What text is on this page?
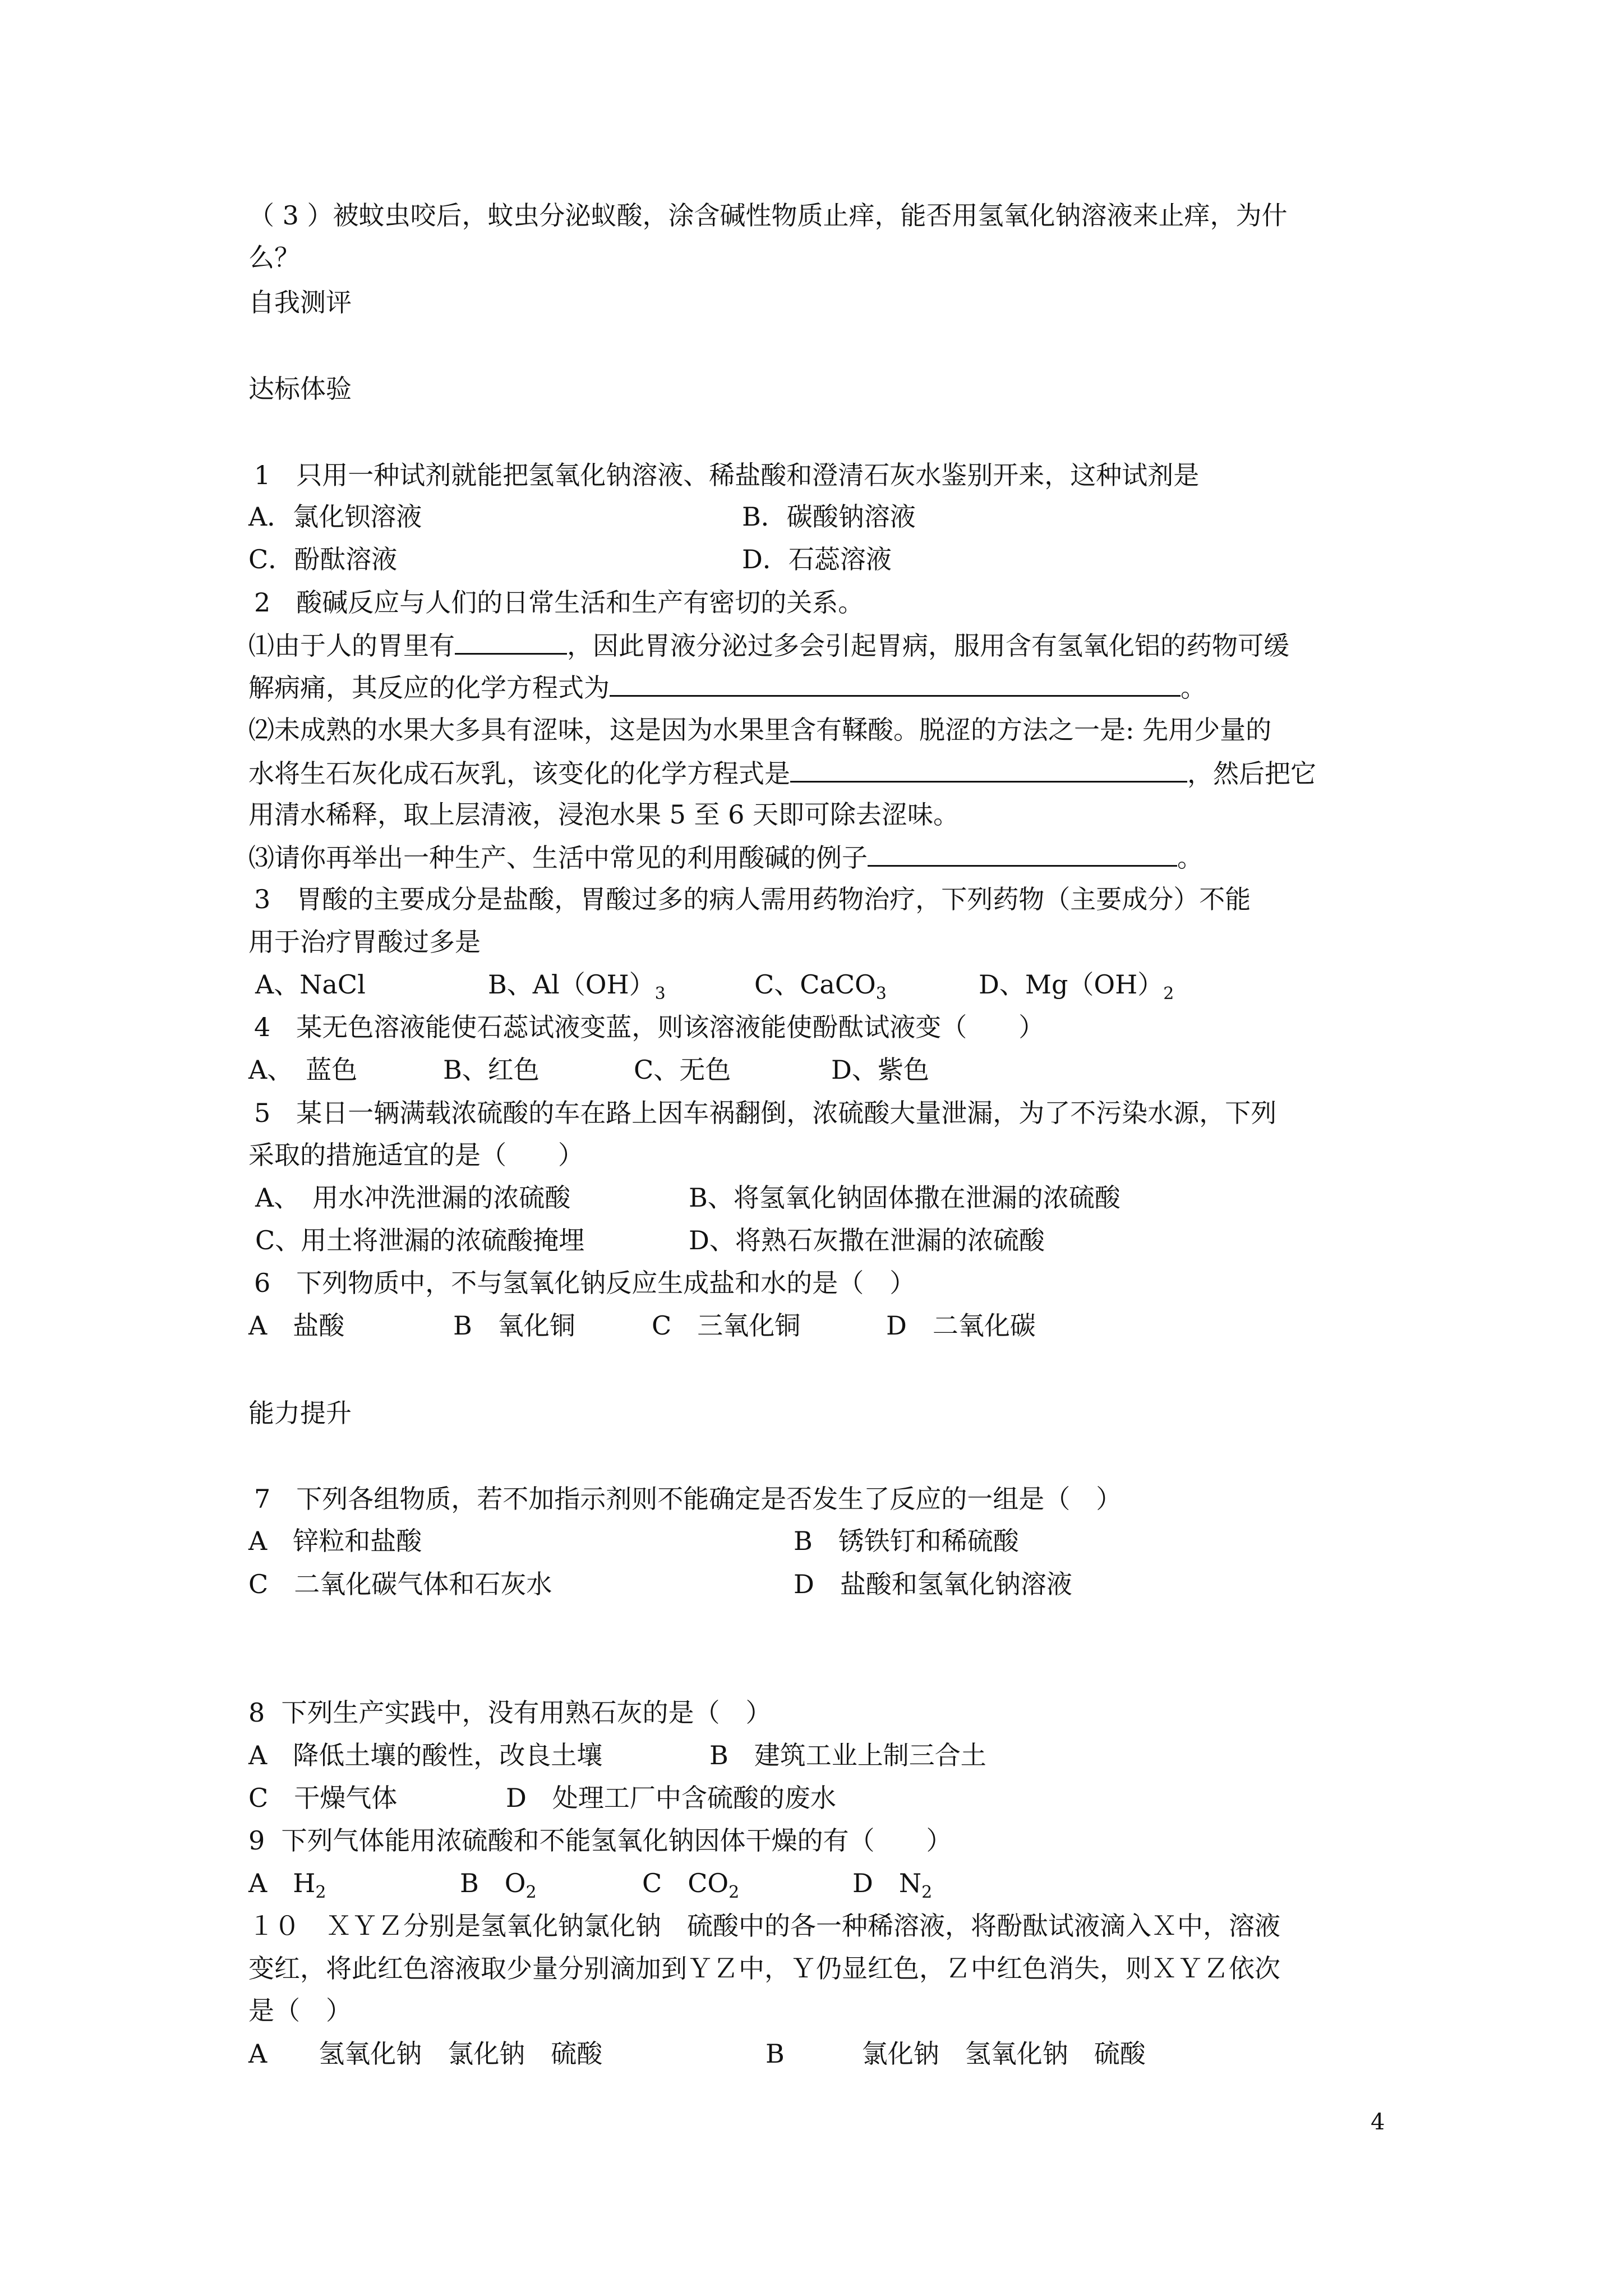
（ 3 ）被蚊虫咬后，蚊虫分泌蚁酸，涂含碱性物质止痒，能否用氢氧化钠溶液来止痒，为什
么？
自我测评
达标体验
1　只用一种试剂就能把氢氧化钠溶液、稀盐酸和澄清石灰水鉴别开来，这种试剂是
A．氯化钡溶液	B．碳酸钠溶液
C．酚酞溶液	D．石蕊溶液
2　酸碱反应与人们的日常生活和生产有密切的关系。
⑴由于人的胃里有	，因此胃液分泌过多会引起胃病，服用含有氢氧化铝的药物可缓
解病痛，其反应的化学方程式为	。
⑵未成熟的水果大多具有涩味，这是因为水果里含有鞣酸。脱涩的方法之一是: 先用少量的
水将生石灰化成石灰乳，该变化的化学方程式是	，然后把它
用清水稀释，取上层清液，浸泡水果 5 至 6 天即可除去涩味。
⑶请你再举出一种生产、生活中常见的利用酸碱的例子	。
3　胃酸的主要成分是盐酸，胃酸过多的病人需用药物治疗，下列药物（主要成分）不能
用于治疗胃酸过多是
A、NaCl	B、$Al(OH)_3$	C、CaCO$_3$	D、$Mg(OH)_2$
4　某无色溶液能使石蕊试液变蓝，则该溶液能使酚酞试液变（　　）
A、　蓝色	B、红色	C、无色	D、紫色
5　某日一辆满载浓硫酸的车在路上因车祸翻倒，浓硫酸大量泄漏，为了不污染水源，下列
采取的措施适宜的是（　　）
A、　用水冲洗泄漏的浓硫酸	B、将氢氧化钠固体撒在泄漏的浓硫酸
C、用土将泄漏的浓硫酸掩埋	D、将熟石灰撒在泄漏的浓硫酸
6　下列物质中，不与氢氧化钠反应生成盐和水的是（　）
A　盐酸	B　氧化铜	C　三氧化铜	D　二氧化碳
能力提升
7　下列各组物质，若不加指示剂则不能确定是否发生了反应的一组是（　）
A　锌粒和盐酸	B　锈铁钉和稀硫酸
C　二氧化碳气体和石灰水	D　盐酸和氢氧化钠溶液
8  下列生产实践中，没有用熟石灰的是（　）
A　降低土壤的酸性，改良土壤	B　建筑工业上制三合土
C　干燥气体	D　处理工厂中含硫酸的废水
9  下列气体能用浓硫酸和不能氢氧化钠因体干燥的有（　　）
A　$H_2$	B　$O_2$	C　$CO_2$	D　$N_2$
１０　ＸＹＺ分别是氢氧化钠氯化钠　硫酸中的各一种稀溶液，将酚酞试液滴入Ｘ中，溶液
变红，将此红色溶液取少量分别滴加到ＹＺ中，Ｙ仍显红色，Ｚ中红色消失，则ＸＹＺ依次
是（　）
A　　氢氧化钠　氯化钠　硫酸	B　　　氯化钠　氢氧化钠　硫酸
4
